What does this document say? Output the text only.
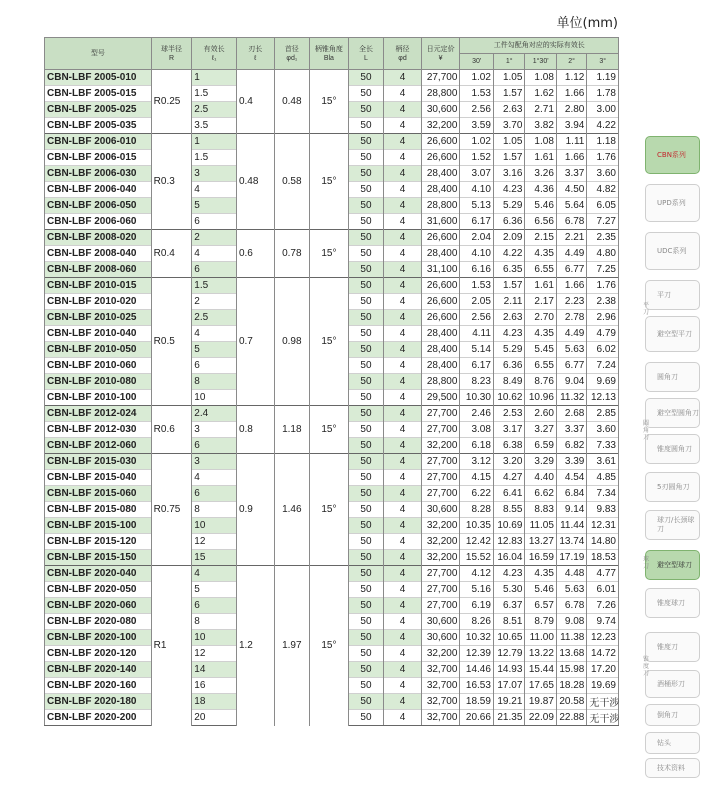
单位(mm)
型号	球半径
R	有效长
ℓ₁	刃长
ℓ	首径
φd₁	柄锥角度
Bla	全长
L	柄径
φd	日元定价
¥	工件勾配角对应的实际有效长				
									30'	1°	1°30'	2°	3°
CBN-LBF 2005-010	R0.25	1	0.4	0.48	15°	50	4	27,700	1.02	1.05	1.08	1.12	1.19
CBN-LBF 2005-015		1.5				50	4	28,800	1.53	1.57	1.62	1.66	1.78
CBN-LBF 2005-025		2.5				50	4	30,600	2.56	2.63	2.71	2.80	3.00
CBN-LBF 2005-035		3.5				50	4	32,200	3.59	3.70	3.82	3.94	4.22
CBN-LBF 2006-010	R0.3	1	0.48	0.58	15°	50	4	26,600	1.02	1.05	1.08	1.11	1.18
CBN-LBF 2006-015		1.5				50	4	26,600	1.52	1.57	1.61	1.66	1.76
CBN-LBF 2006-030		3				50	4	28,400	3.07	3.16	3.26	3.37	3.60
CBN-LBF 2006-040		4				50	4	28,400	4.10	4.23	4.36	4.50	4.82
CBN-LBF 2006-050		5				50	4	28,800	5.13	5.29	5.46	5.64	6.05
CBN-LBF 2006-060		6				50	4	31,600	6.17	6.36	6.56	6.78	7.27
CBN-LBF 2008-020	R0.4	2	0.6	0.78	15°	50	4	26,600	2.04	2.09	2.15	2.21	2.35
CBN-LBF 2008-040		4				50	4	28,400	4.10	4.22	4.35	4.49	4.80
CBN-LBF 2008-060		6				50	4	31,100	6.16	6.35	6.55	6.77	7.25
CBN-LBF 2010-015	R0.5	1.5	0.7	0.98	15°	50	4	26,600	1.53	1.57	1.61	1.66	1.76
CBN-LBF 2010-020		2				50	4	26,600	2.05	2.11	2.17	2.23	2.38
CBN-LBF 2010-025		2.5				50	4	26,600	2.56	2.63	2.70	2.78	2.96
CBN-LBF 2010-040		4				50	4	28,400	4.11	4.23	4.35	4.49	4.79
CBN-LBF 2010-050		5				50	4	28,400	5.14	5.29	5.45	5.63	6.02
CBN-LBF 2010-060		6				50	4	28,400	6.17	6.36	6.55	6.77	7.24
CBN-LBF 2010-080		8				50	4	28,800	8.23	8.49	8.76	9.04	9.69
CBN-LBF 2010-100		10				50	4	29,500	10.30	10.62	10.96	11.32	12.13
CBN-LBF 2012-024	R0.6	2.4	0.8	1.18	15°	50	4	27,700	2.46	2.53	2.60	2.68	2.85
CBN-LBF 2012-030		3				50	4	27,700	3.08	3.17	3.27	3.37	3.60
CBN-LBF 2012-060		6				50	4	32,200	6.18	6.38	6.59	6.82	7.33
CBN-LBF 2015-030	R0.75	3	0.9	1.46	15°	50	4	27,700	3.12	3.20	3.29	3.39	3.61
CBN-LBF 2015-040		4				50	4	27,700	4.15	4.27	4.40	4.54	4.85
CBN-LBF 2015-060		6				50	4	27,700	6.22	6.41	6.62	6.84	7.34
CBN-LBF 2015-080		8				50	4	30,600	8.28	8.55	8.83	9.14	9.83
CBN-LBF 2015-100		10				50	4	32,200	10.35	10.69	11.05	11.44	12.31
CBN-LBF 2015-120		12				50	4	32,200	12.42	12.83	13.27	13.74	14.80
CBN-LBF 2015-150		15				50	4	32,200	15.52	16.04	16.59	17.19	18.53
CBN-LBF 2020-040	R1	4	1.2	1.97	15°	50	4	27,700	4.12	4.23	4.35	4.48	4.77
CBN-LBF 2020-050		5				50	4	27,700	5.16	5.30	5.46	5.63	6.01
CBN-LBF 2020-060		6				50	4	27,700	6.19	6.37	6.57	6.78	7.26
CBN-LBF 2020-080		8				50	4	30,600	8.26	8.51	8.79	9.08	9.74
CBN-LBF 2020-100		10				50	4	30,600	10.32	10.65	11.00	11.38	12.23
CBN-LBF 2020-120		12				50	4	32,200	12.39	12.79	13.22	13.68	14.72
CBN-LBF 2020-140		14				50	4	32,700	14.46	14.93	15.44	15.98	17.20
CBN-LBF 2020-160		16				50	4	32,700	16.53	17.07	17.65	18.28	19.69
CBN-LBF 2020-180		18				50	4	32,700	18.59	19.21	19.87	20.58	无干涉
CBN-LBF 2020-200		20				50	4	32,700	20.66	21.35	22.09	22.88	无干涉
CBN系列
UPD系列
UDC系列
平刀
避空型平刀
圆角刀
避空型圆角刀
锥度圆角刀
5刃圆角刀
球刀/长颈球刀
避空型球刀
锥度球刀
锥度刀
酒桶形刀
倒角刀
钻头
技术资料
平刀
圆角刀
球刀
锥度刀
